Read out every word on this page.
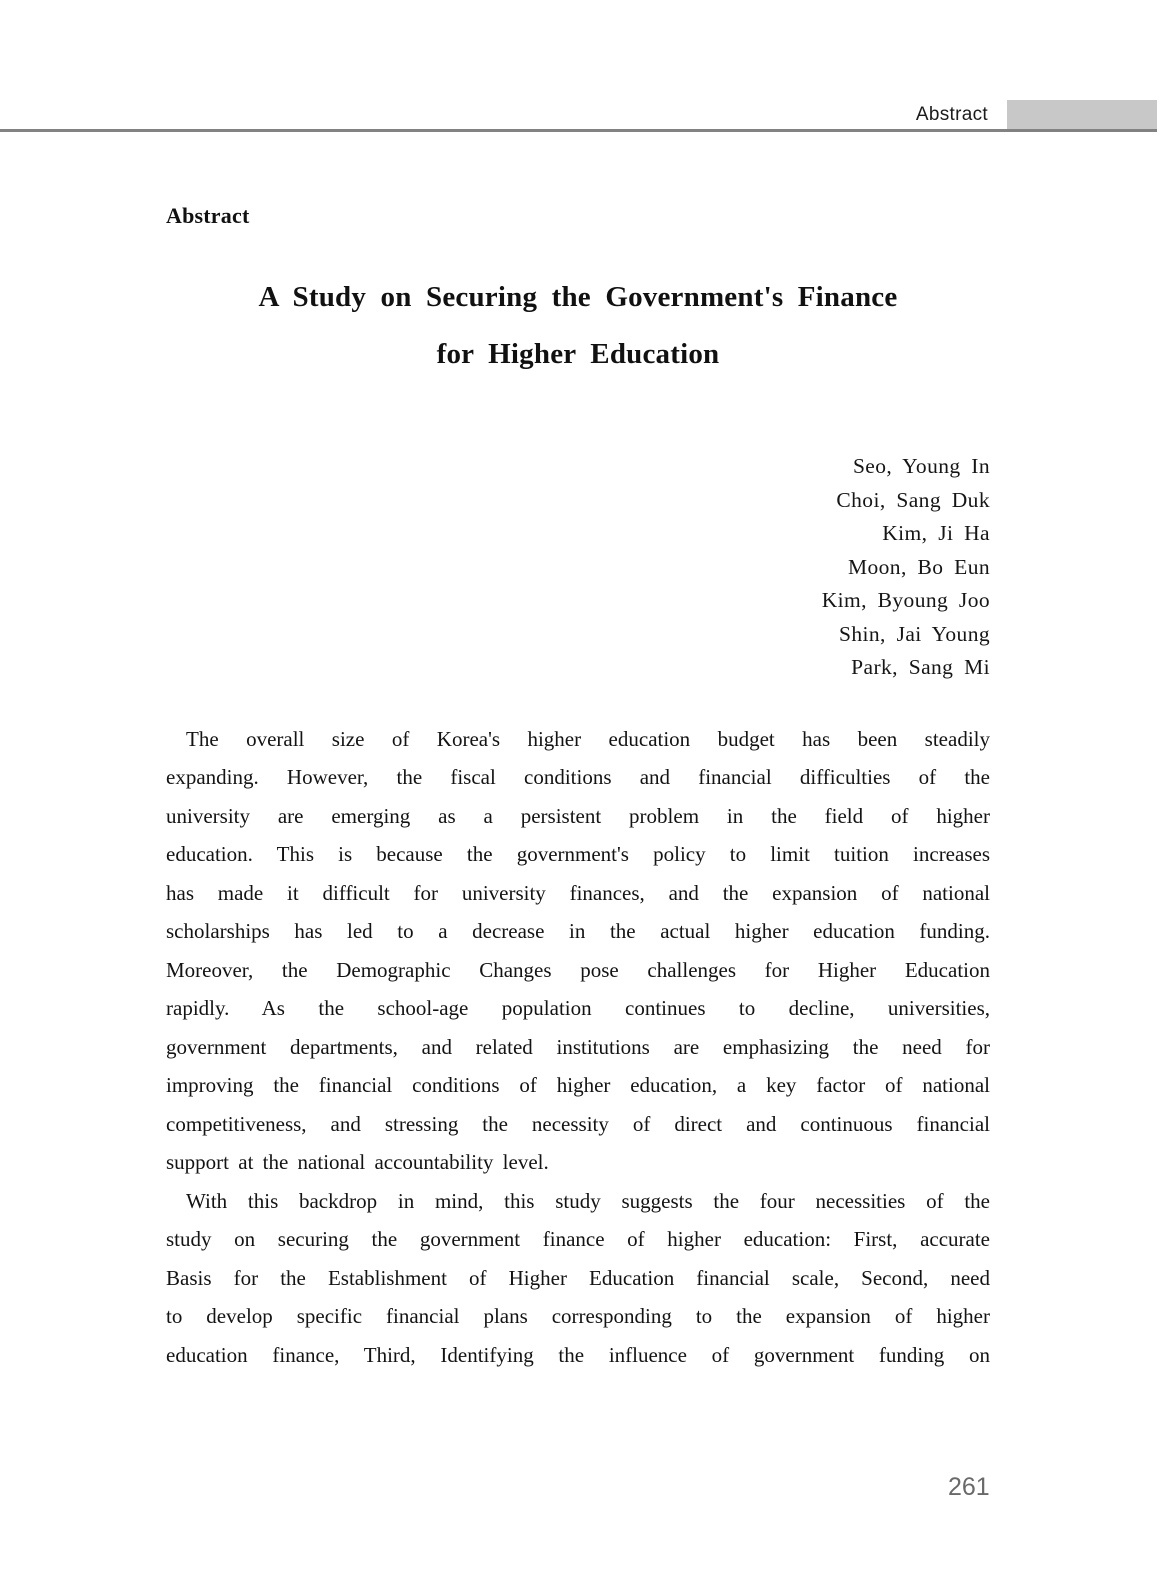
Abstract
Abstract
A Study on Securing the Government's Finance
for Higher Education
Seo, Young In
Choi, Sang Duk
Kim, Ji Ha
Moon, Bo Eun
Kim, Byoung Joo
Shin, Jai Young
Park, Sang Mi
The overall size of Korea's higher education budget has been steadily
expanding. However, the fiscal conditions and financial difficulties of the
university are emerging as a persistent problem in the field of higher
education. This is because the government's policy to limit tuition increases
has made it difficult for university finances, and the expansion of national
scholarships has led to a decrease in the actual higher education funding.
Moreover, the Demographic Changes pose challenges for Higher Education
rapidly. As the school-age population continues to decline, universities,
government departments, and related institutions are emphasizing the need for
improving the financial conditions of higher education, a key factor of national
competitiveness, and stressing the necessity of direct and continuous financial
support at the national accountability level.
With this backdrop in mind, this study suggests the four necessities of the
study on securing the government finance of higher education: First, accurate
Basis for the Establishment of Higher Education financial scale, Second, need
to develop specific financial plans corresponding to the expansion of higher
education finance, Third, Identifying the influence of government funding on
261
